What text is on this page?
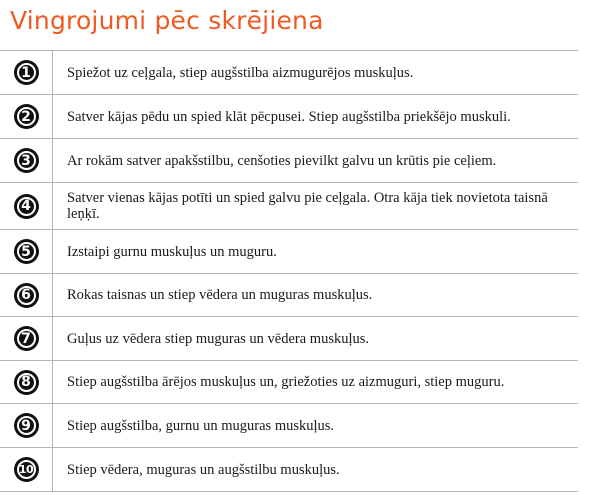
Vingrojumi pēc skrējiena
1	Spiežot uz ceļgala, stiep augšstilba aizmugurējos muskuļus.
2	Satver kājas pēdu un spied klāt pēcpusei. Stiep augšstilba priekšējo muskuli.
3	Ar rokām satver apakšstilbu, cenšoties pievilkt galvu un krūtis pie ceļiem.
4	Satver vienas kājas potīti un spied galvu pie ceļgala. Otra kāja tiek novietota taisnā leņķī.
5	Izstaipi gurnu muskuļus un muguru.
6	Rokas taisnas un stiep vēdera un muguras muskuļus.
7	Guļus uz vēdera stiep muguras un vēdera muskuļus.
8	Stiep augšstilba ārējos muskuļus un, griežoties uz aizmuguri, stiep muguru.
9	Stiep augšstilba, gurnu un muguras muskuļus.
10	Stiep vēdera, muguras un augšstilbu muskuļus.
